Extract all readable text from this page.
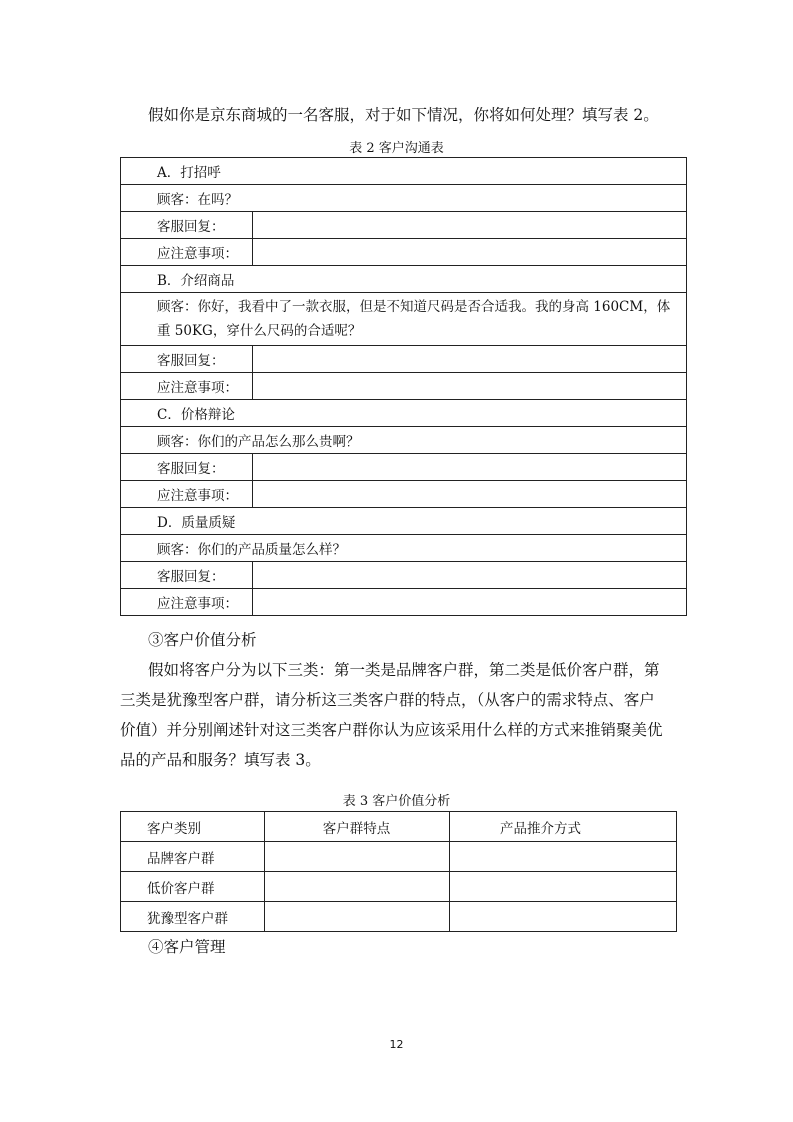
假如你是京东商城的一名客服，对于如下情况，你将如何处理？填写表 2。
表 2 客户沟通表
A．打招呼	
顾客：在吗？	
客服回复：	
应注意事项：	
B．介绍商品	

顾客：你好，我看中了一款衣服，但是不知道尺码是否合适我。我的身高 160CM，体
重 50KG，穿什么尺码的合适呢？	

客服回复：	
应注意事项：	
C．价格辩论	
顾客：你们的产品怎么那么贵啊？	
客服回复：	
应注意事项：	
D．质量质疑	
顾客：你们的产品质量怎么样？	
客服回复：	
应注意事项：	
③客户价值分析
假如将客户分为以下三类：第一类是品牌客户群，第二类是低价客户群，第
三类是犹豫型客户群，请分析这三类客户群的特点，（从客户的需求特点、客户
价值）并分别阐述针对这三类客户群你认为应该采用什么样的方式来推销聚美优
品的产品和服务？填写表 3。
表 3 客户价值分析
客户类别	客户群特点	产品推介方式
品牌客户群		
低价客户群		
犹豫型客户群		
④客户管理
12
